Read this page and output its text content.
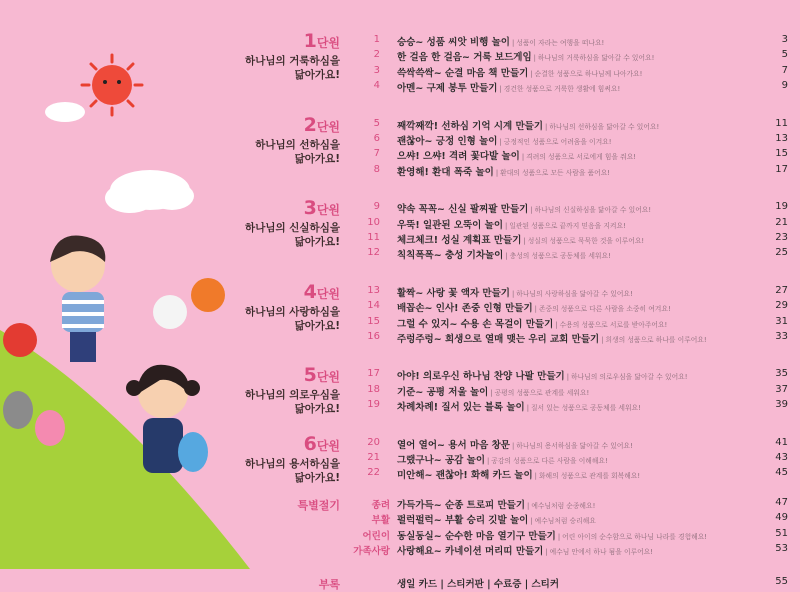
1단원
하나님의 거룩하심을
닮아가요!
1 승승~ 성품 씨앗 비행 놀이 | 성품이 자라는 여행을 떠나요!	3
2 한 걸음 한 걸음~ 거룩 보드게임 | 하나님의 거룩하심을 닮아갈 수 있어요!	5
3 쓱싹쓱싹~ 순결 마음 책 만들기 | 순결한 성품으로 하나님께 나아가요!	7
4 아멘~ 구제 봉투 만들기 | 경건한 성품으로 거룩한 생활에 힘써요!	9
2단원
하나님의 선하심을
닮아가요!
5 째깍째깍! 선하심 기억 시계 만들기 | 하나님의 선하심을 닮아갈 수 있어요!	11
6 괜찮아~ 긍정 인형 놀이 | 긍정적인 성품으로 어려움을 이겨요!	13
7 으쌰! 으쌰! 격려 꽃다발 놀이 | 격려의 성품으로 서로에게 힘을 줘요!	15
8 환영해! 환대 폭죽 놀이 | 환대의 성품으로 모든 사람을 품어요!	17
3단원
하나님의 신실하심을
닮아가요!
9 약속 꼭꼭~ 신실 팔찌팔 만들기 | 하나님의 신실하심을 닮아갈 수 있어요!	19
10 우뚝! 일관된 오뚝이 놀이 | 일관된 성품으로 끝까지 믿음을 지켜요!	21
11 체크체크! 성실 계획표 만들기 | 성실의 성품으로 묵묵한 것을 이루어요!	23
12 칙칙폭폭~ 충성 기차놀이 | 충성의 성품으로 공동체를 세워요!	25
4단원
하나님의 사랑하심을
닮아가요!
13 활짝~ 사랑 꽃 액자 만들기 | 하나님의 사랑하심을 닮아갈 수 있어요!	27
14 배꼽손~ 인사! 존중 인형 만들기 | 존중의 성품으로 다른 사람을 소중히 여겨요!	29
15 그럴 수 있지~ 수용 손 목걸이 만들기 | 수용의 성품으로 서로를 받아주어요!	31
16 주렁주렁~ 희생으로 열매 맺는 우리 교회 만들기 | 희생의 성품으로 하나를 이루어요!	33
5단원
하나님의 의로우심을
닮아가요!
17 아야! 의로우신 하나님 찬양 나팔 만들기 | 하나님의 의로우심을 닮아갈 수 있어요!	35
18 기준~ 공평 저울 놀이 | 공평의 성품으로 관계를 세워요!	37
19 차례차례! 질서 있는 블록 놀이 | 질서 있는 성품으로 공동체를 세워요!	39
6단원
하나님의 용서하심을
닮아가요!
20 열어 열어~ 용서 마음 창문 | 하나님의 용서하심을 닮아갈 수 있어요!	41
21 그랬구나~ 공감 놀이 | 공감의 성품으로 다른 사람을 이해해요!	43
22 미안해~ 괜찮아! 화해 카드 놀이 | 화해의 성품으로 관계를 회복해요!	45
특별절기	종려 가득가득~ 순종 트로피 만들기 | 예수님처럼 순종해요!	47
부활 펄럭펄럭~ 부활 승리 깃발 놀이 | 예수님처럼 승리해요	49
어린이 동실동실~ 순수한 마음 열기구 만들기 | 어린 아이의 순수함으로 하나님 나라를 경험해요!	51
가족사랑 사랑해요~ 카네이션 머리띠 만들기 | 예수님 안에서 하나 됨을 이루어요!	53
부록	생일 카드 | 스티커판 | 수료증 | 스티커	55
